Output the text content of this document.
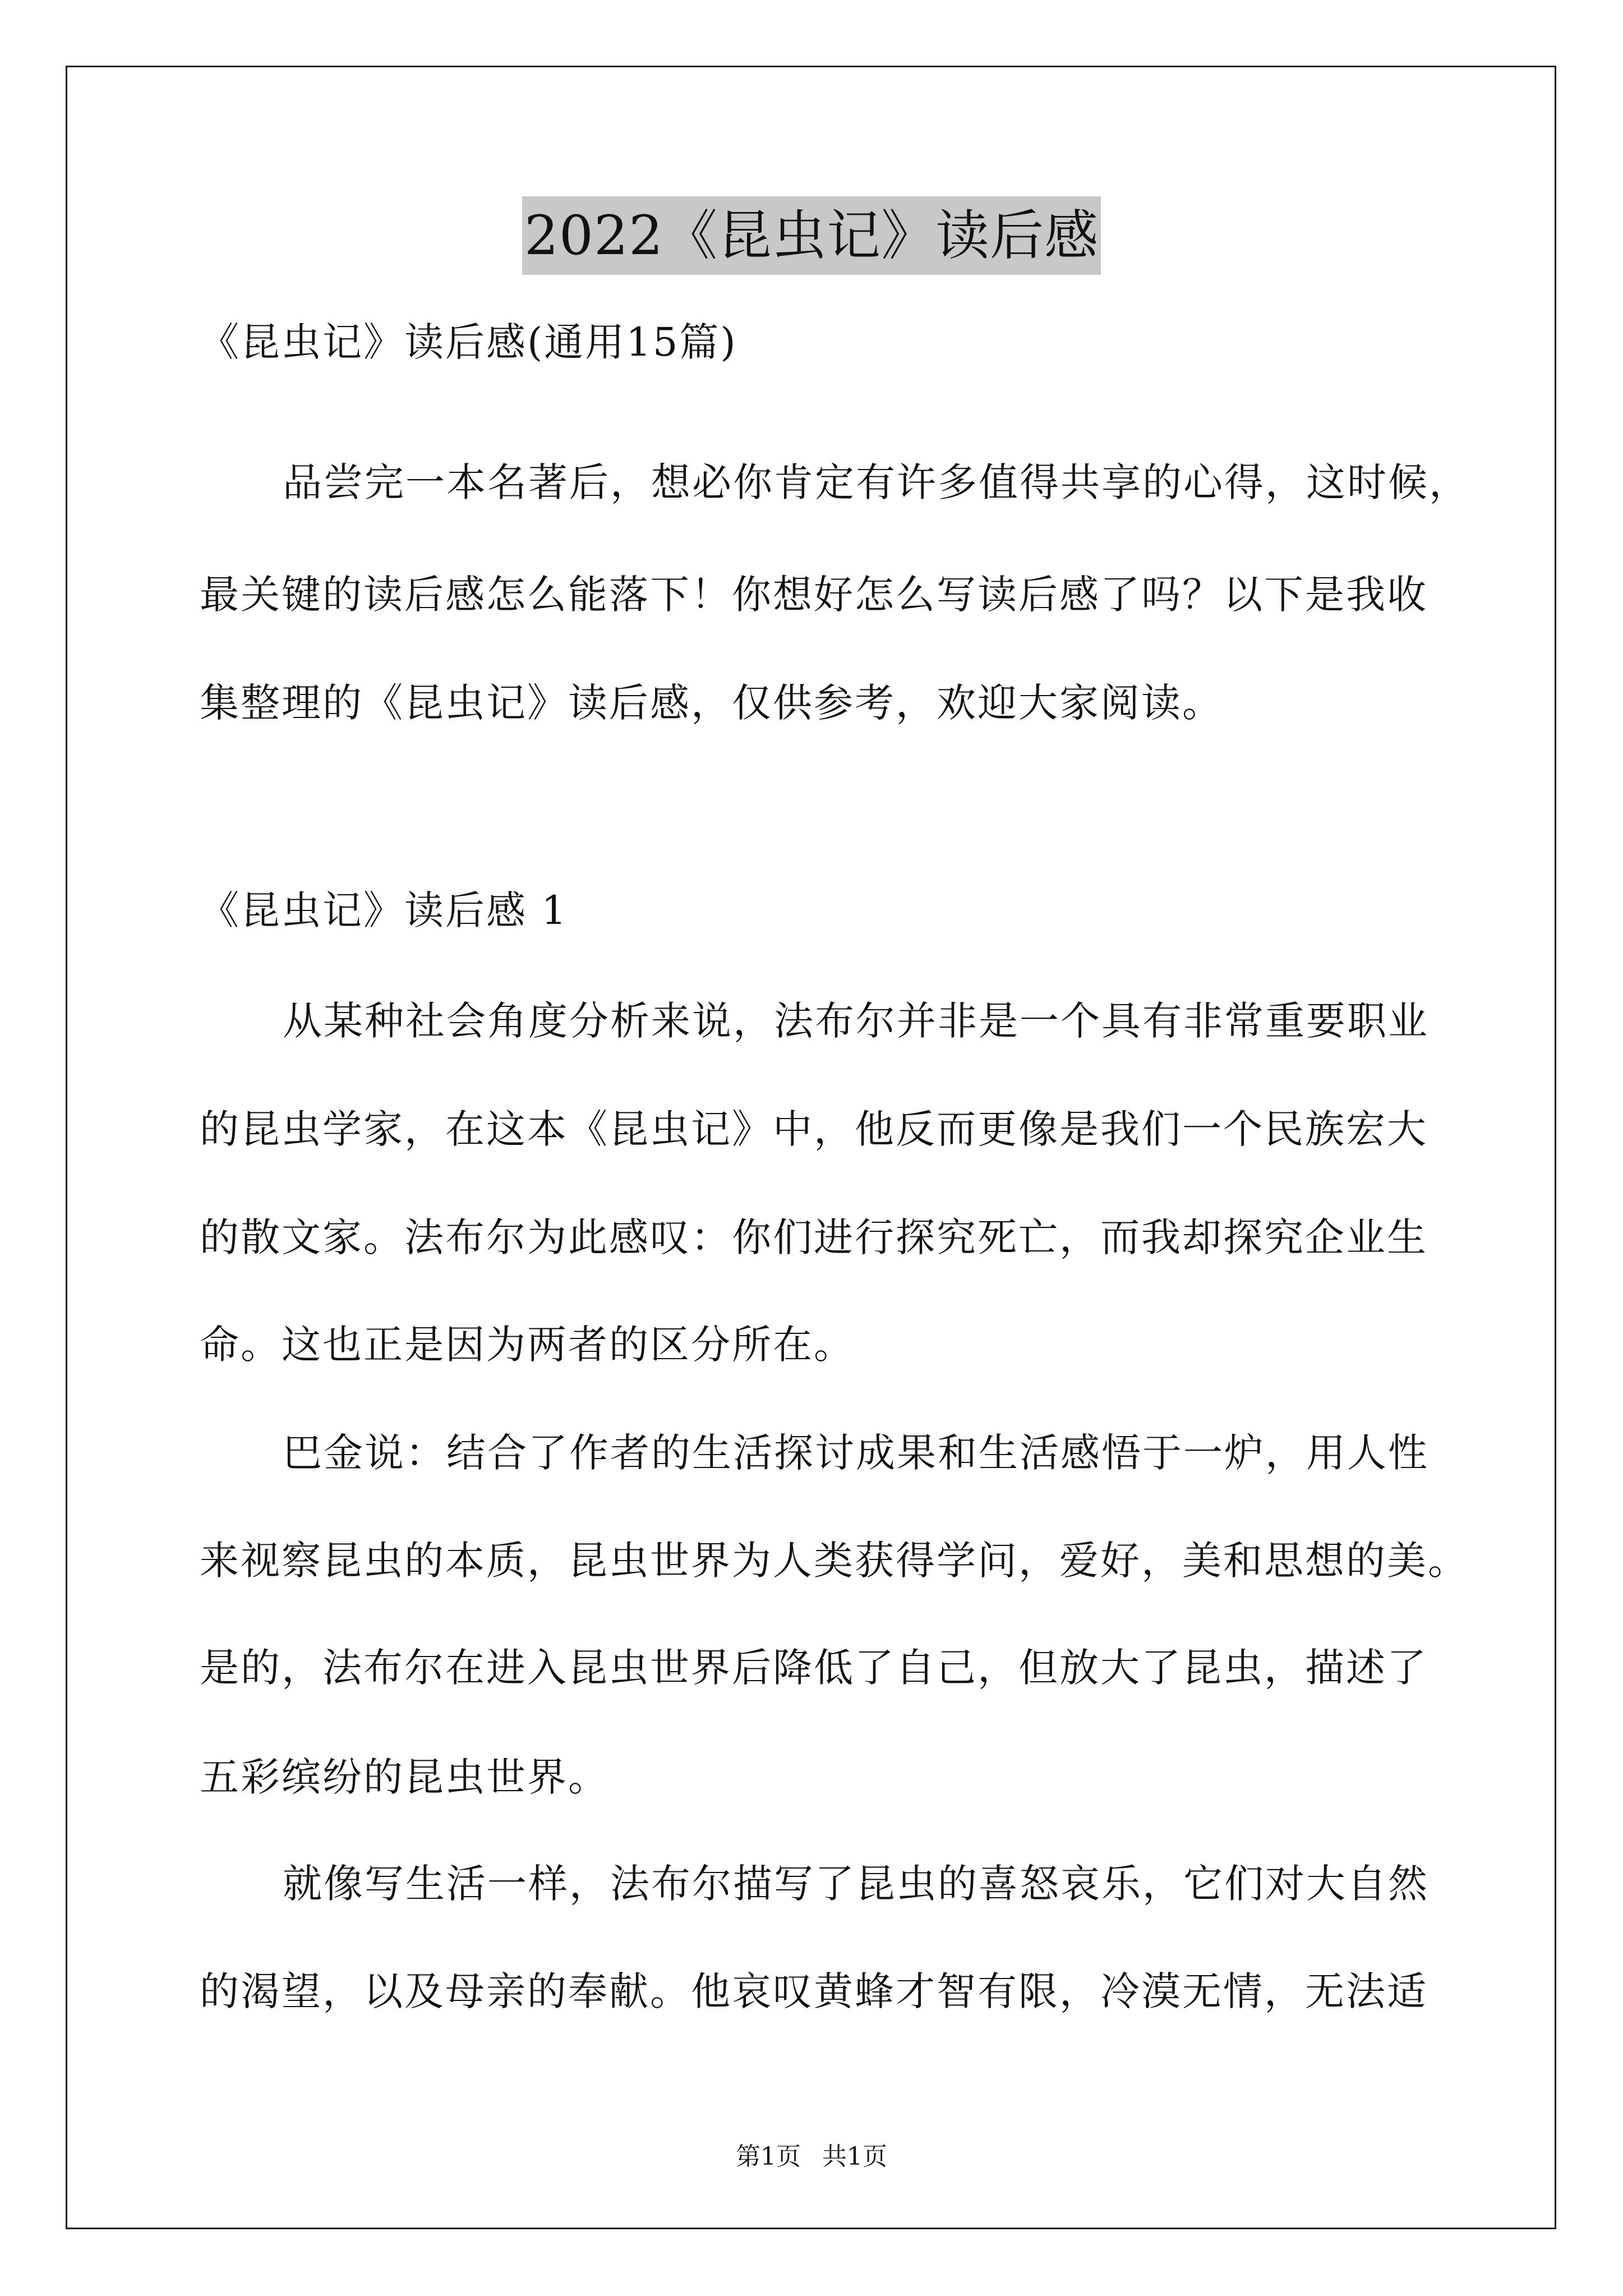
2022《昆虫记》读后感
《昆虫记》读后感(通用15篇)
品尝完一本名著后，想必你肯定有许多值得共享的心得，这时候，
最关键的读后感怎么能落下！你想好怎么写读后感了吗？以下是我收
集整理的《昆虫记》读后感，仅供参考，欢迎大家阅读。
《昆虫记》读后感 1
从某种社会角度分析来说，法布尔并非是一个具有非常重要职业
的昆虫学家，在这本《昆虫记》中，他反而更像是我们一个民族宏大
的散文家。法布尔为此感叹：你们进行探究死亡，而我却探究企业生
命。这也正是因为两者的区分所在。
巴金说：结合了作者的生活探讨成果和生活感悟于一炉，用人性
来视察昆虫的本质，昆虫世界为人类获得学问，爱好，美和思想的美。
是的，法布尔在进入昆虫世界后降低了自己，但放大了昆虫，描述了
五彩缤纷的昆虫世界。
就像写生活一样，法布尔描写了昆虫的喜怒哀乐，它们对大自然
的渴望，以及母亲的奉献。他哀叹黄蜂才智有限，冷漠无情，无法适
第1页 共1页
